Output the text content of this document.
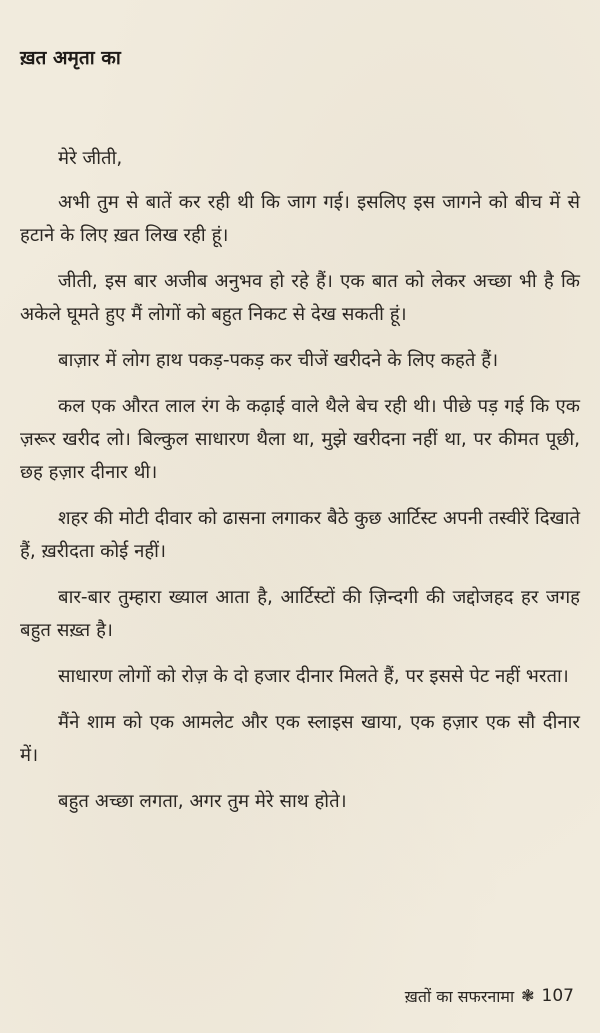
ख़त अमृता का

मेरे जीती,

अभी तुम से बातें कर रही थी कि जाग गई। इसलिए इस जागने को बीच में से हटाने के लिए ख़त लिख रही हूं।

जीती, इस बार अजीब अनुभव हो रहे हैं। एक बात को लेकर अच्छा भी है कि अकेले घूमते हुए मैं लोगों को बहुत निकट से देख सकती हूं।

बाज़ार में लोग हाथ पकड़-पकड़ कर चीजें खरीदने के लिए कहते हैं।

कल एक औरत लाल रंग के कढ़ाई वाले थैले बेच रही थी। पीछे पड़ गई कि एक ज़रूर खरीद लो। बिल्कुल साधारण थैला था, मुझे खरीदना नहीं था, पर कीमत पूछी, छह हज़ार दीनार थी।

शहर की मोटी दीवार को ढासना लगाकर बैठे कुछ आर्टिस्ट अपनी तस्वीरें दिखाते हैं, ख़रीदता कोई नहीं।

बार-बार तुम्हारा ख्याल आता है, आर्टिस्टों की ज़िन्दगी की जद्दोजहद हर जगह बहुत सख़्त है।

साधारण लोगों को रोज़ के दो हजार दीनार मिलते हैं, पर इससे पेट नहीं भरता।

मैंने शाम को एक आमलेट और एक स्लाइस खाया, एक हज़ार एक सौ दीनार में।

बहुत अच्छा लगता, अगर तुम मेरे साथ होते।

ख़तों का सफरनामा ❃ 107
